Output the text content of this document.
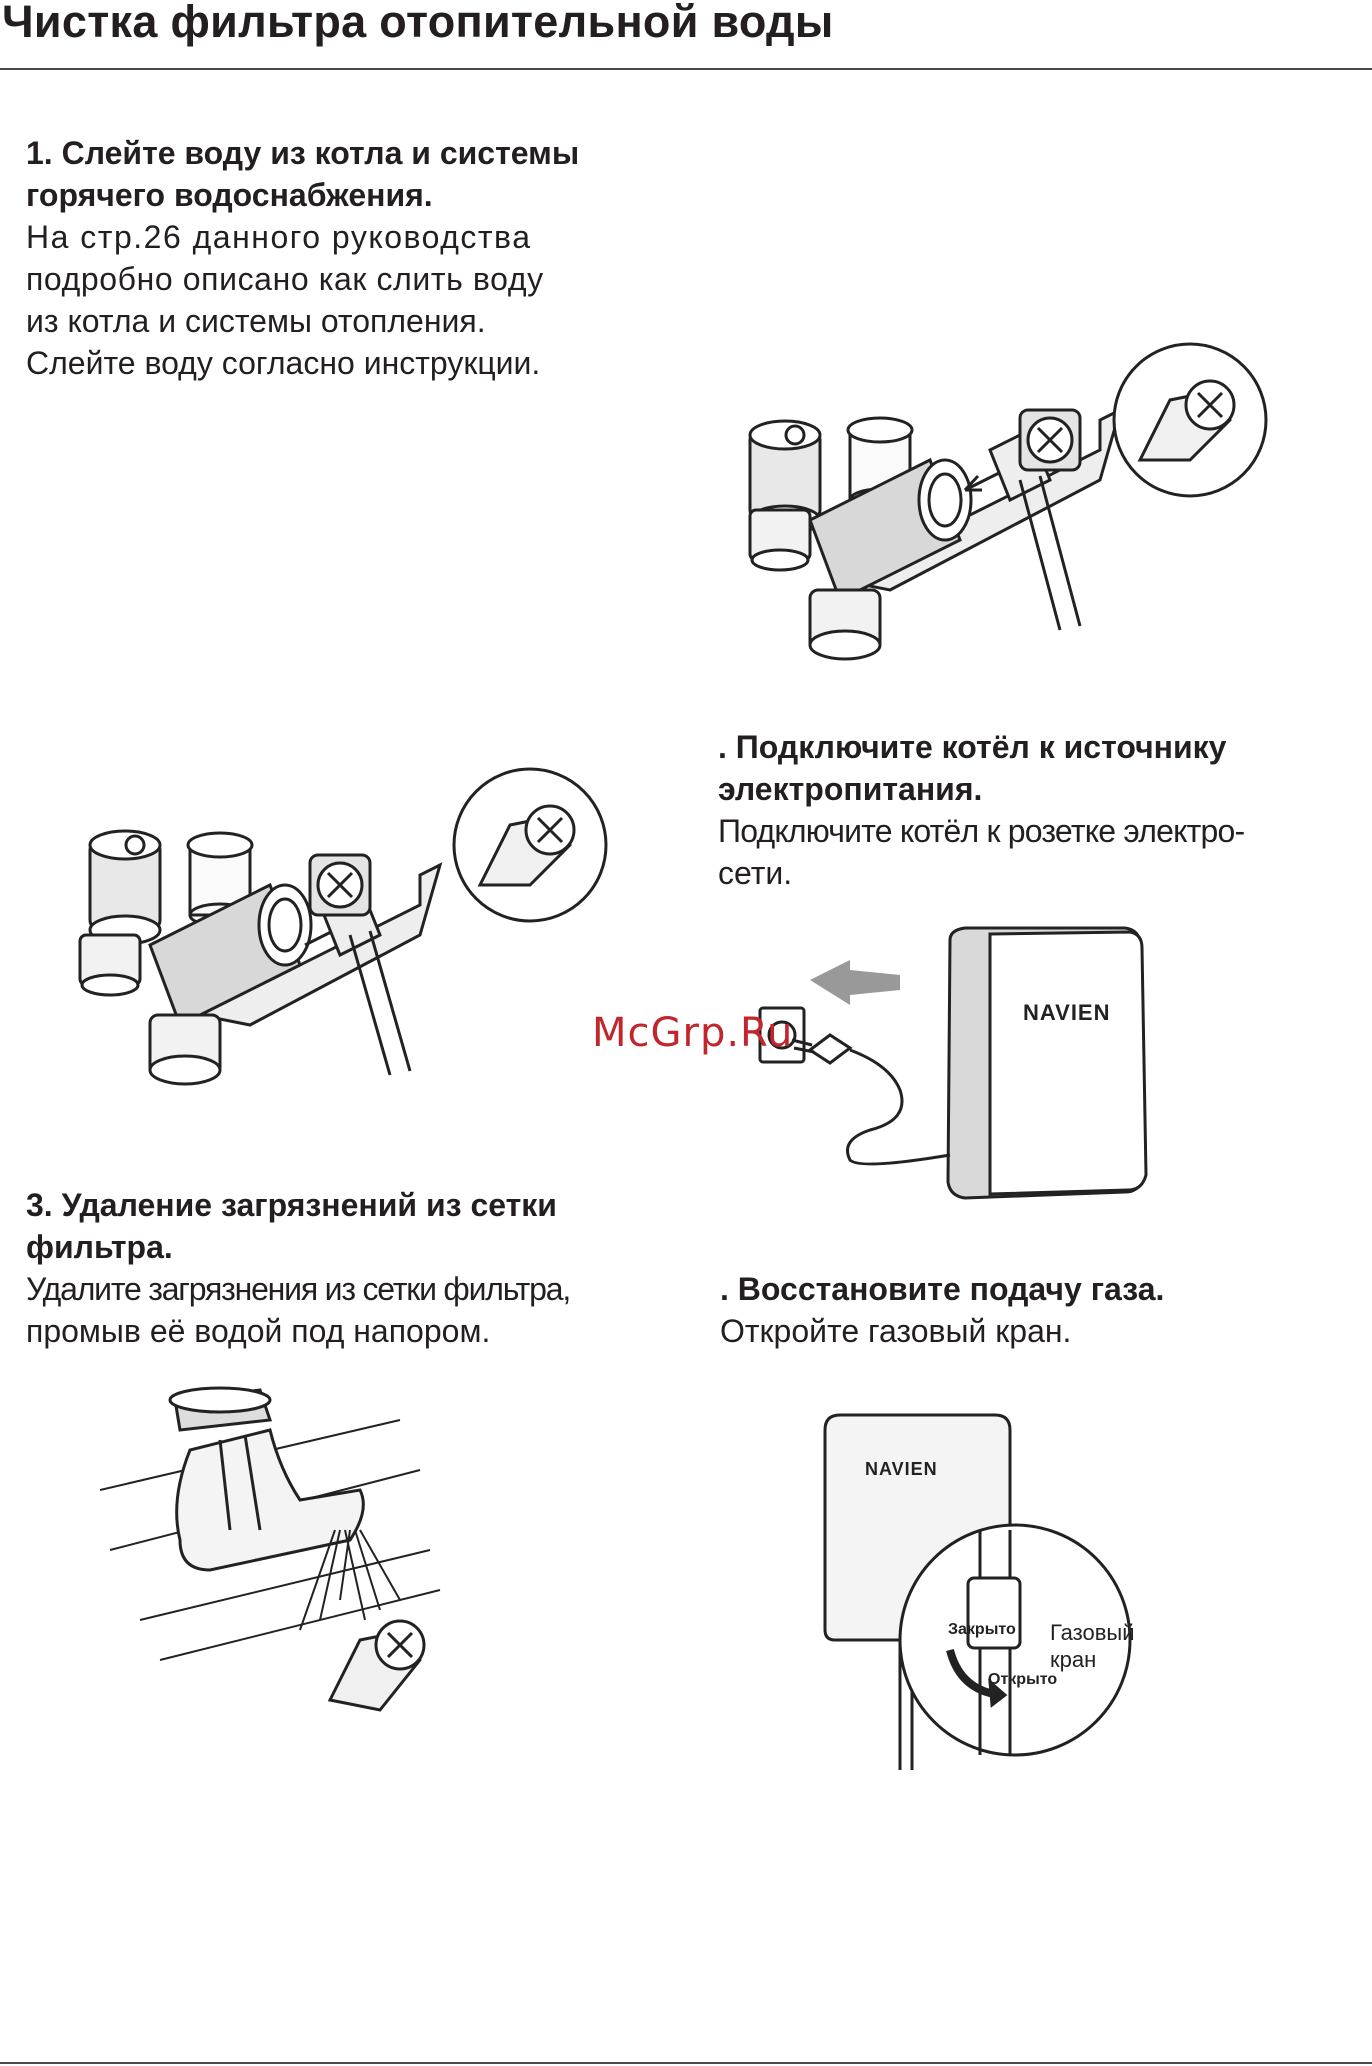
Чистка фильтра отопительной воды
1. Слейте воду из котла и системы
горячего водоснабжения.
На стр.26 данного руководства
подробно описано как слить воду
из котла и системы отопления.
Слейте воду согласно инструкции.
. Подключите котёл к источнику
электропитания.
Подключите котёл к розетке электро-
сети.
NAVIEN
McGrp.Ru
3. Удаление загрязнений из сетки
фильтра.
Удалите загрязнения из сетки фильтра,
промыв её водой под напором.
. Восстановите подачу газа.
Откройте газовый кран.
NAVIEN
Газовый
кран
Закрыто
Открыто
